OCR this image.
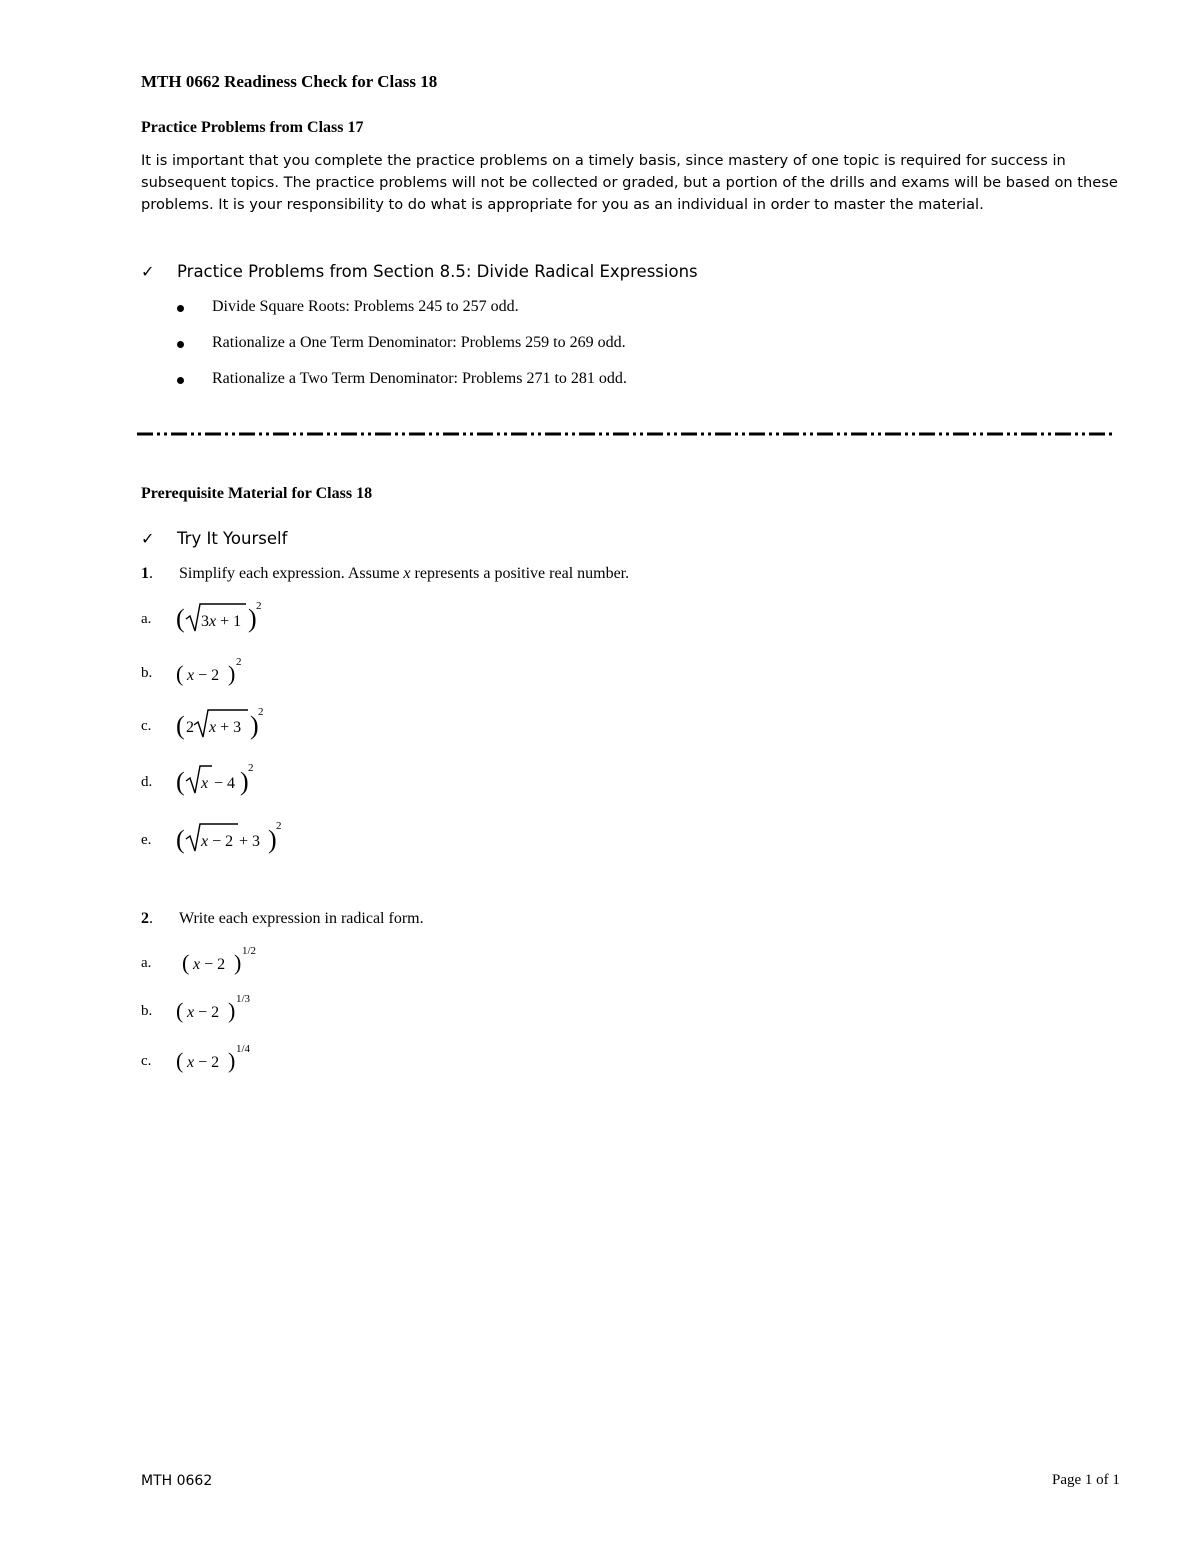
MTH 0662 Readiness Check for Class 18
Practice Problems from Class 17
It is important that you complete the practice problems on a timely basis, since mastery of one topic is required for success in subsequent topics. The practice problems will not be collected or graded, but a portion of the drills and exams will be based on these problems. It is your responsibility to do what is appropriate for you as an individual in order to master the material.
✓ Practice Problems from Section 8.5: Divide Radical Expressions
Divide Square Roots: Problems 245 to 257 odd.
Rationalize a One Term Denominator: Problems 259 to 269 odd.
Rationalize a Two Term Denominator: Problems 271 to 281 odd.
Prerequisite Material for Class 18
✓ Try It Yourself
1. Simplify each expression. Assume x represents a positive real number.
a. ( 3x + 1 ) 2
b. ( x − 2 ) 2
c. ( 2 x + 3 ) 2
d. ( x − 4 ) 2
e. ( x − 2 + 3 ) 2
2. Write each expression in radical form.
a. ( x − 2 ) 1/2
b. ( x − 2 ) 1/3
c. ( x − 2 ) 1/4
MTH 0662	Page 1 of 1
